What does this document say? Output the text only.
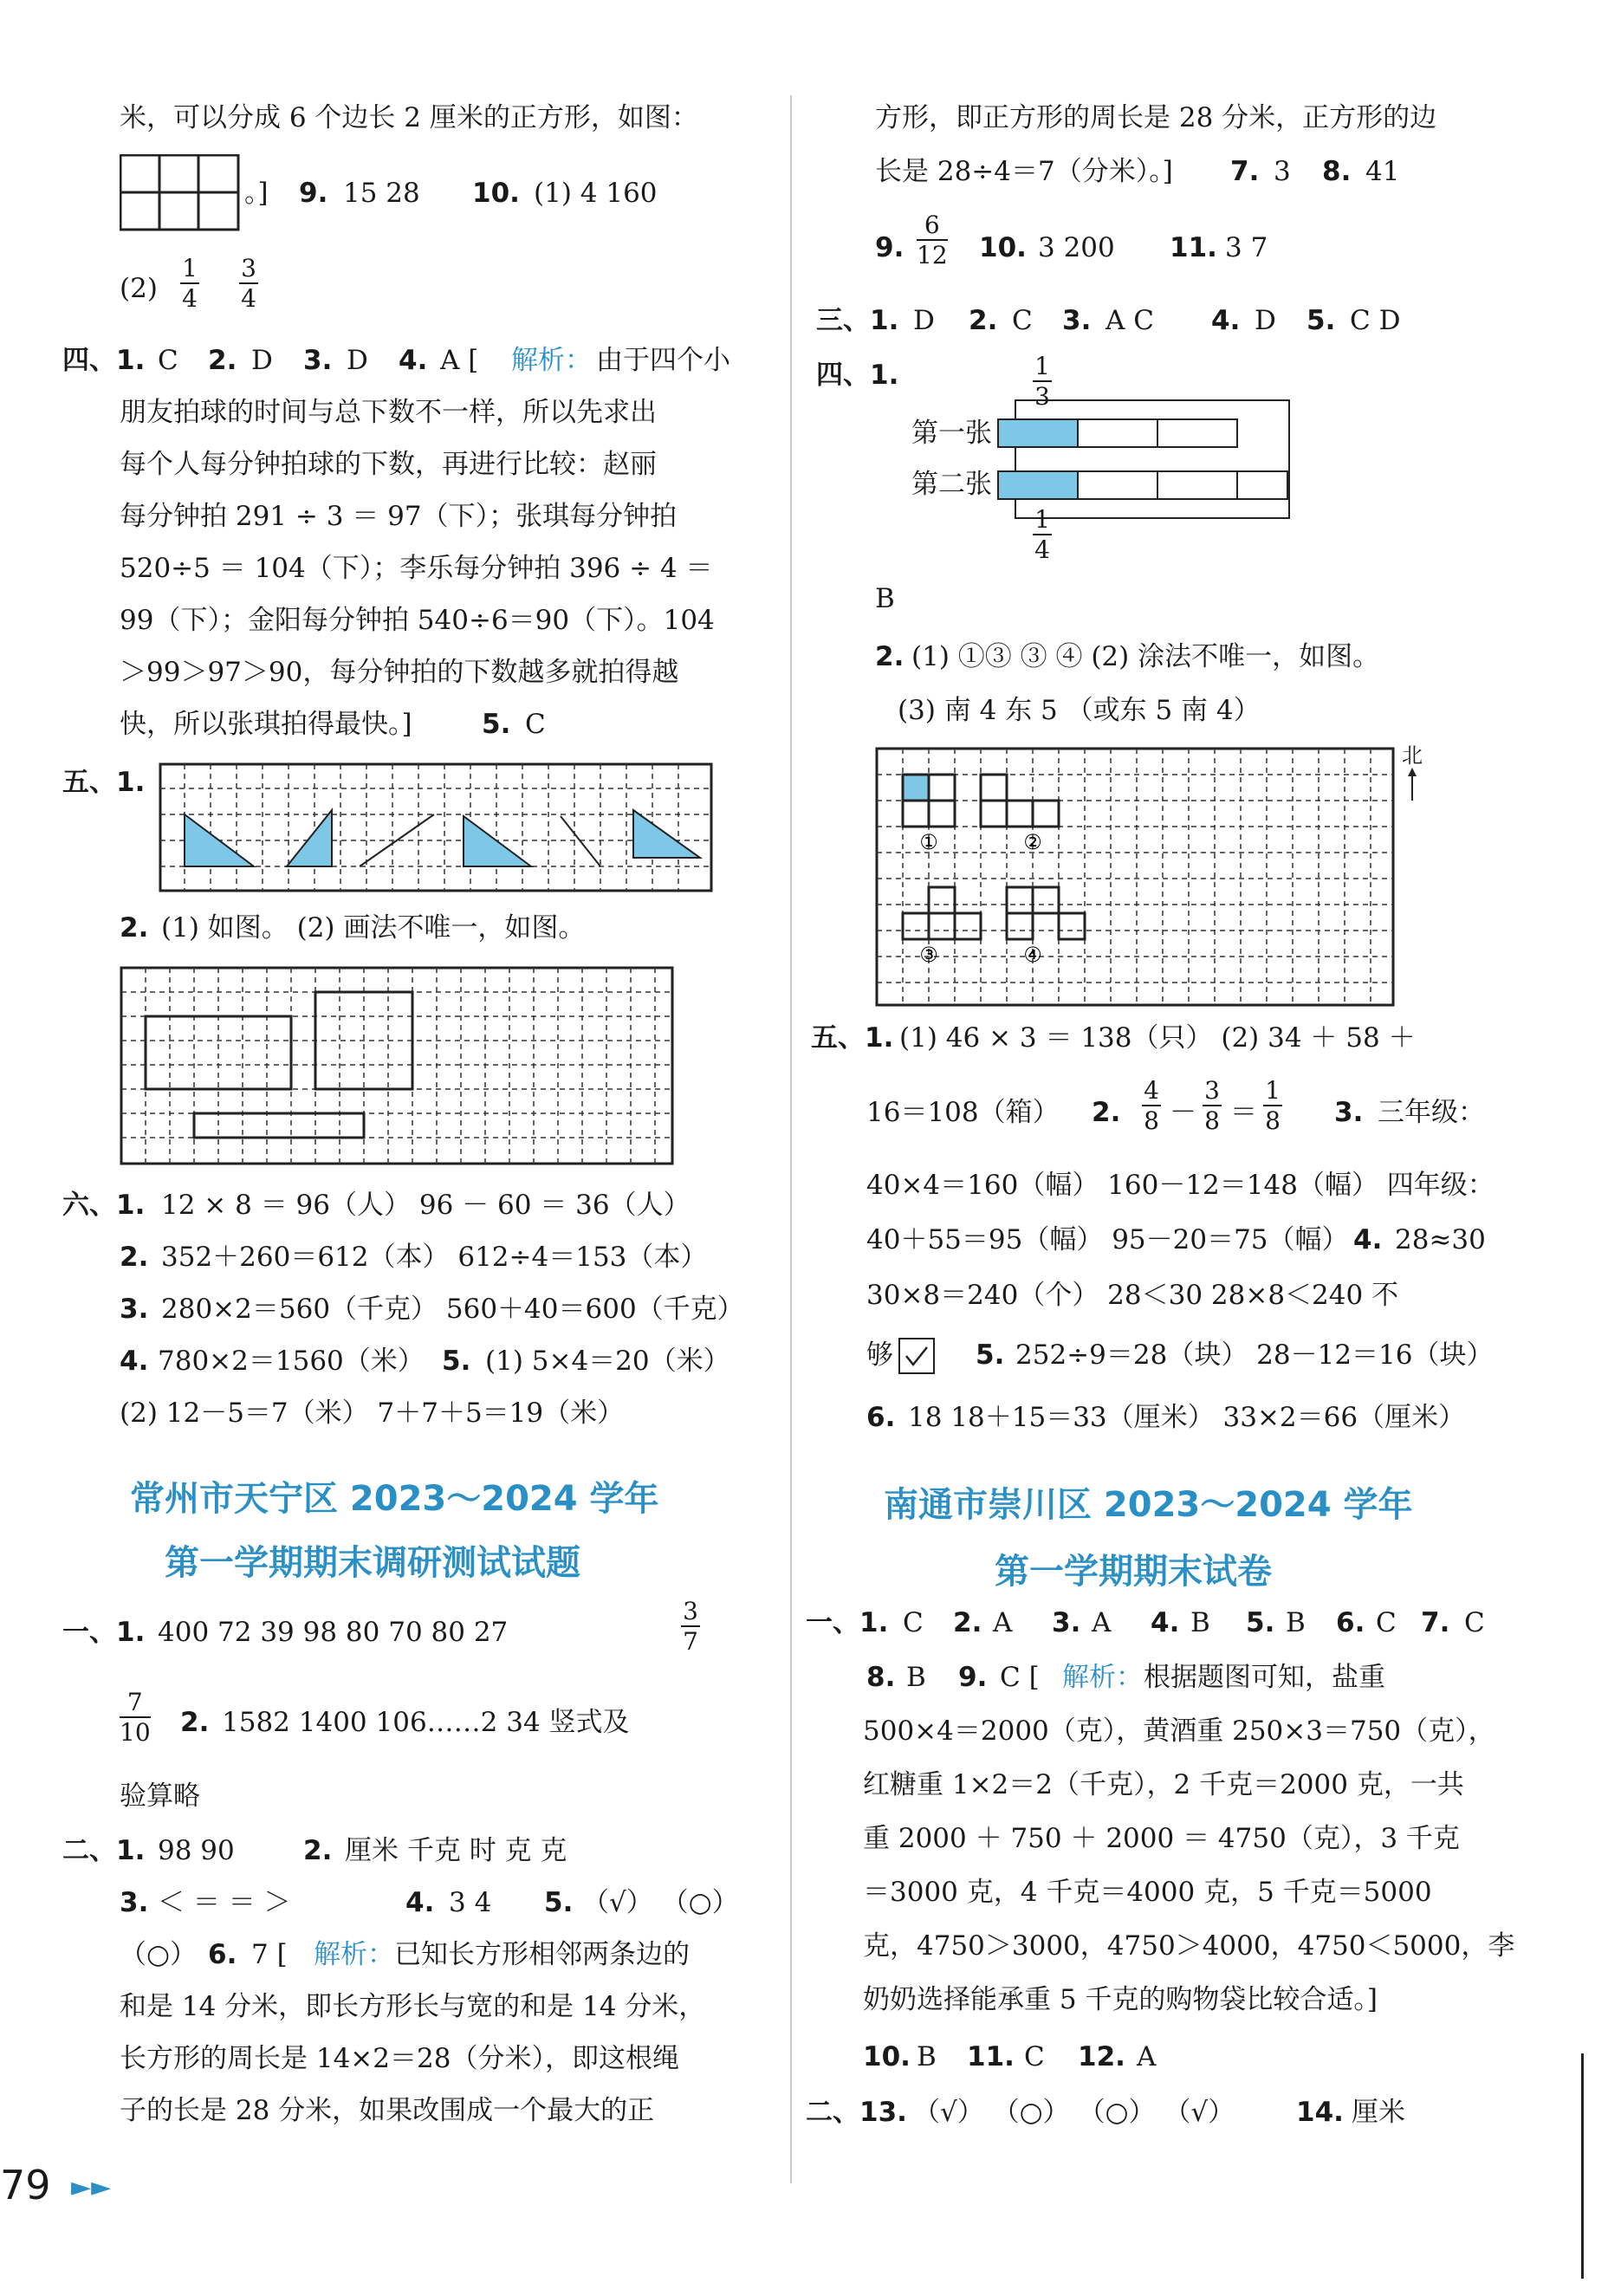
米，可以分成 6 个边长 2 厘米的正方形，如图：
。] 9. 15 28 10. (1) 4 160
$(2) \frac{1}{4} \frac{3}{4}$
四、1. C 2. D 3. D 4. A [ 解析： 由于四个小
朋友拍球的时间与总下数不一样，所以先求出
每个人每分钟拍球的下数，再进行比较：赵丽
每分钟拍 291 ÷ 3 ＝ 97（下）；张琪每分钟拍
520÷5 ＝ 104（下）；李乐每分钟拍 396 ÷ 4 ＝
99（下）；金阳每分钟拍 540÷6＝90（下）。104
＞99＞97＞90，每分钟拍的下数越多就拍得越
快，所以张琪拍得最快。]	5. C
五、1.
2. (1) 如图。 (2) 画法不唯一，如图。
六、1. 12 × 8 ＝ 96（人） 96 － 60 ＝ 36（人）
2. 352＋260＝612（本） 612÷4＝153（本）
3. 280×2＝560（千克） 560＋40＝600（千克）
4. 780×2＝1560（米） 5. (1) 5×4＝20（米）
(2) 12－5＝7（米） 7＋7＋5＝19（米）
常州市天宁区 2023～2024 学年
第一学期期末调研测试试题
一、1. 400 72 39 98 80 70 80 27	$\frac{3}{7}$
$\frac{7}{10} 2$. 1582 1400 106……2 34 竖式及
验算略
二、1. 98 90	2. 厘米 千克 时 克 克
3. ＜ ＝ ＝ ＞	4. 3 4 5. （√） （○）
（○） 6. 7 [ 解析： 已知长方形相邻两条边的
和是 14 分米，即长方形长与宽的和是 14 分米，
长方形的周长是 14×2＝28（分米），即这根绳
子的长是 28 分米，如果改围成一个最大的正
方形，即正方形的周长是 28 分米，正方形的边
长是 28÷4＝7（分米）。] 7. 3 8. 41
9. $\frac{6}{12} 10$. 3 200 11. 3 7
三、1. D 2. C 3. A C 4. D 5. C D
四、1.	$\frac{1}{3}$
第一张
第二张
$\frac{1}{4}$
B
2. (1) ①③ ③ ④ (2) 涂法不唯一，如图。
(3) 南 4 东 5 （或东 5 南 4）
①	②
③	④
北
五、1. (1) 46 × 3 ＝ 138（只） (2) 34 ＋ 58 ＋
16＝108（箱） 2. $\frac{4}{8} - \frac{3}{8} = \frac{1}{8} 3$. 三年级：
40×4＝160（幅） 160－12＝148（幅） 四年级：
40＋55＝95（幅） 95－20＝75（幅） 4. 28≈30
30×8＝240（个） 28＜30 28×8＜240 不
够	5. 252÷9＝28（块） 28－12＝16（块）
6. 18 18＋15＝33（厘米） 33×2＝66（厘米）
南通市崇川区 2023～2024 学年
第一学期期末试卷
一、1. C 2. A 3. A 4. B 5. B 6. C 7. C
8. B 9. C [ 解析： 根据题图可知，盐重
500×4＝2000（克），黄酒重 250×3＝750（克），
红糖重 1×2＝2（千克），2 千克＝2000 克，一共
重 2000 ＋ 750 ＋ 2000 ＝ 4750（克），3 千克
＝3000 克，4 千克＝4000 克，5 千克＝5000
克，4750＞3000，4750＞4000，4750＜5000，李
奶奶选择能承重 5 千克的购物袋比较合适。]
10. B 11. C 12. A
二、13. （√） （○） （○） （√） 14. 厘米
79 ►►
